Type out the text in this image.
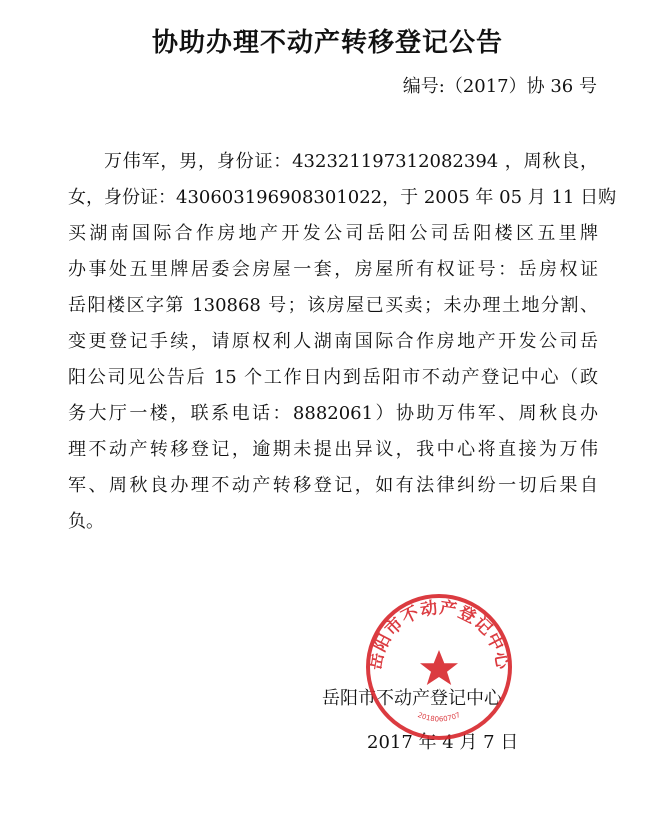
协助办理不动产转移登记公告
编号:（2017）协 36 号
万伟军，男，身份证：432321197312082394 ，周秋良，
女，身份证：430603196908301022，于 2005 年 05 月 11 日购
买湖南国际合作房地产开发公司岳阳公司岳阳楼区五里牌
办事处五里牌居委会房屋一套，房屋所有权证号：岳房权证
岳阳楼区字第 130868 号；该房屋已买卖；未办理土地分割、
变更登记手续，请原权利人湖南国际合作房地产开发公司岳
阳公司见公告后 15 个工作日内到岳阳市不动产登记中心（政
务大厅一楼，联系电话：8882061）协助万伟军、周秋良办
理不动产转移登记，逾期未提出异议，我中心将直接为万伟
军、周秋良办理不动产转移登记，如有法律纠纷一切后果自
负。
岳阳市不动产登记中心
2017 年 4 月 7 日
岳阳市不动产登记中心
2018060707
